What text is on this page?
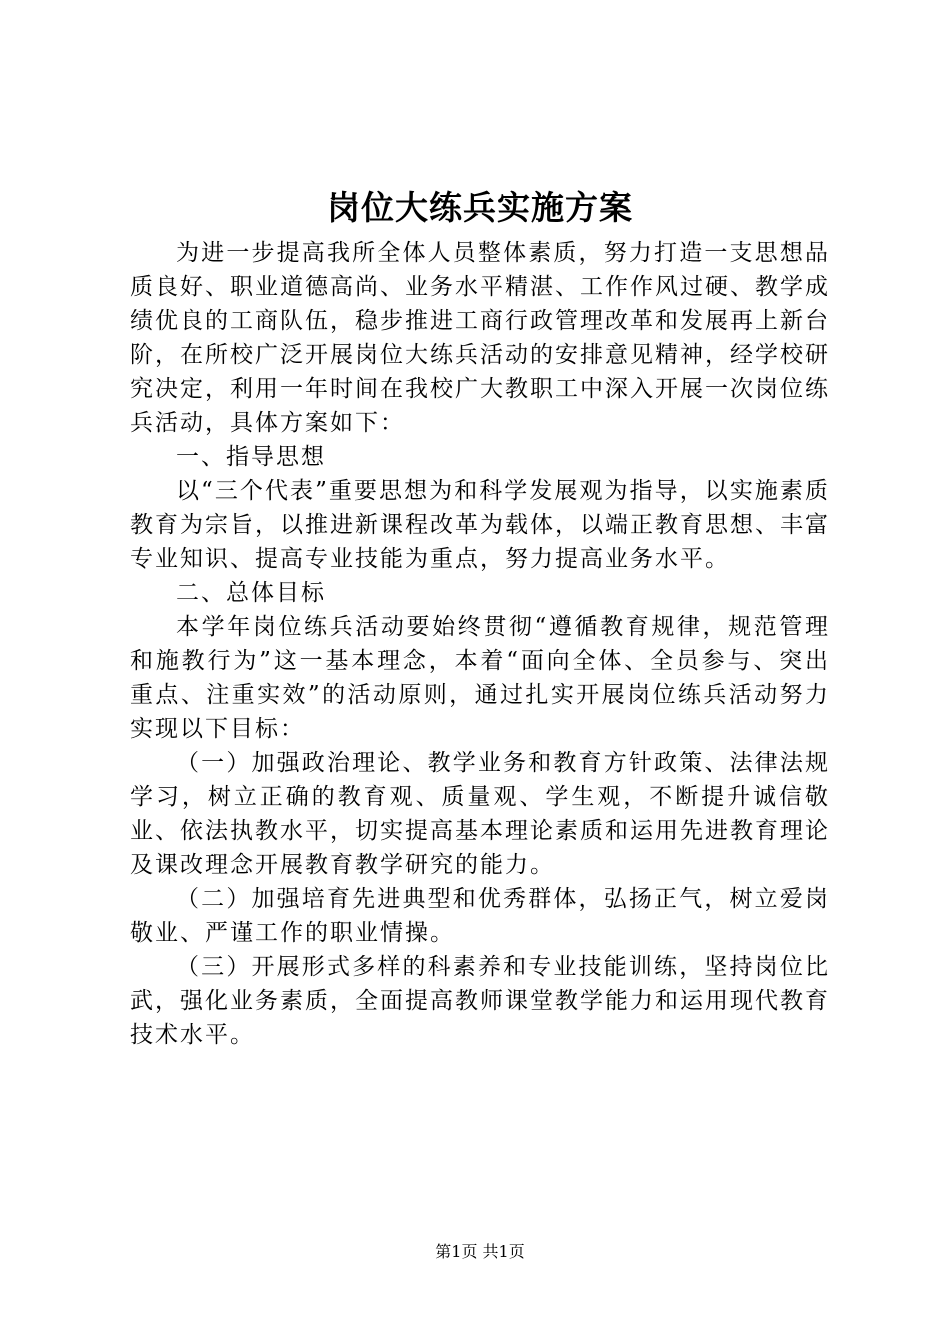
岗位大练兵实施方案

为进一步提高我所全体人员整体素质，努力打造一支思想品质良好、职业道德高尚、业务水平精湛、工作作风过硬、教学成绩优良的工商队伍，稳步推进工商行政管理改革和发展再上新台阶，在所校广泛开展岗位大练兵活动的安排意见精神，经学校研究决定，利用一年时间在我校广大教职工中深入开展一次岗位练兵活动，具体方案如下：

一、指导思想

以“三个代表”重要思想为和科学发展观为指导，以实施素质教育为宗旨，以推进新课程改革为载体，以端正教育思想、丰富专业知识、提高专业技能为重点，努力提高业务水平。

二、总体目标

本学年岗位练兵活动要始终贯彻“遵循教育规律，规范管理和施教行为”这一基本理念，本着“面向全体、全员参与、突出重点、注重实效”的活动原则，通过扎实开展岗位练兵活动努力实现以下目标：

（一）加强政治理论、教学业务和教育方针政策、法律法规学习，树立正确的教育观、质量观、学生观，不断提升诚信敬业、依法执教水平，切实提高基本理论素质和运用先进教育理论及课改理念开展教育教学研究的能力。

（二）加强培育先进典型和优秀群体，弘扬正气，树立爱岗敬业、严谨工作的职业情操。

（三）开展形式多样的科素养和专业技能训练，坚持岗位比武，强化业务素质，全面提高教师课堂教学能力和运用现代教育技术水平。

第1页 共1页
